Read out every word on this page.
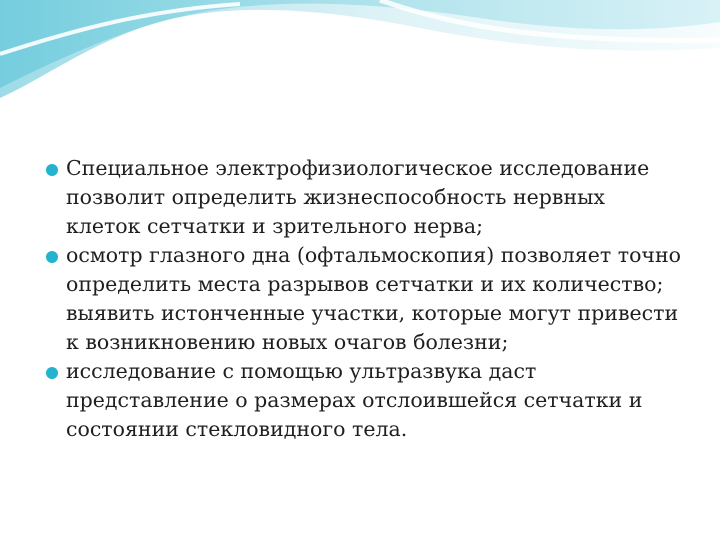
Специальное электрофизиологическое исследование позволит определить жизнеспособность нервных клеток сетчатки и зрительного нерва;
осмотр глазного дна (офтальмоскопия) позволяет точно определить места разрывов сетчатки и их количество; выявить истонченные участки, которые могут привести к возникновению новых очагов болезни;
исследование с помощью ультразвука даст представление о размерах отслоившейся сетчатки и состоянии стекловидного тела.
